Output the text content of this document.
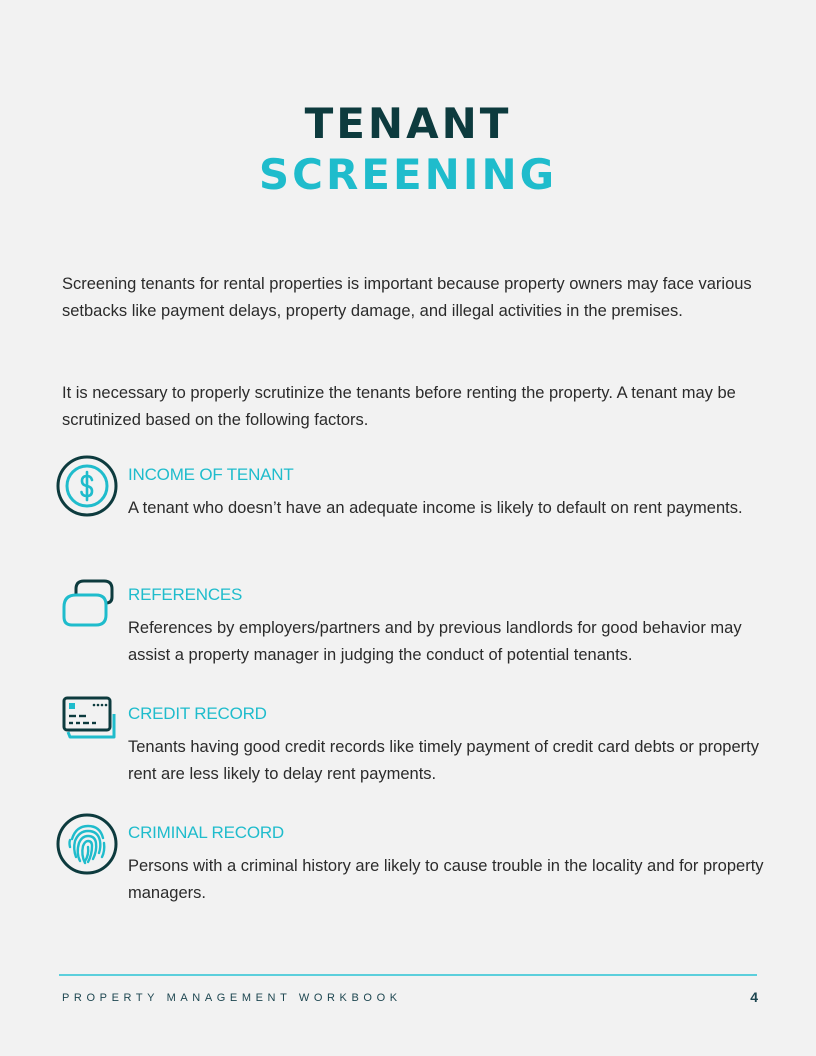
TENANT
SCREENING

Screening tenants for rental properties is important because property owners may face various setbacks like payment delays, property damage, and illegal activities in the premises.

It is necessary to properly scrutinize the tenants before renting the property. A tenant may be scrutinized based on the following factors.

INCOME OF TENANT

A tenant who doesn’t have an adequate income is likely to default on rent payments.

REFERENCES

References by employers/partners and by previous landlords for good behavior may assist a property manager in judging the conduct of potential tenants.

CREDIT RECORD

Tenants having good credit records like timely payment of credit card debts or property rent are less likely to delay rent payments.

CRIMINAL RECORD

Persons with a criminal history are likely to cause trouble in the locality and for property managers.

PROPERTY MANAGEMENT WORKBOOK	4
